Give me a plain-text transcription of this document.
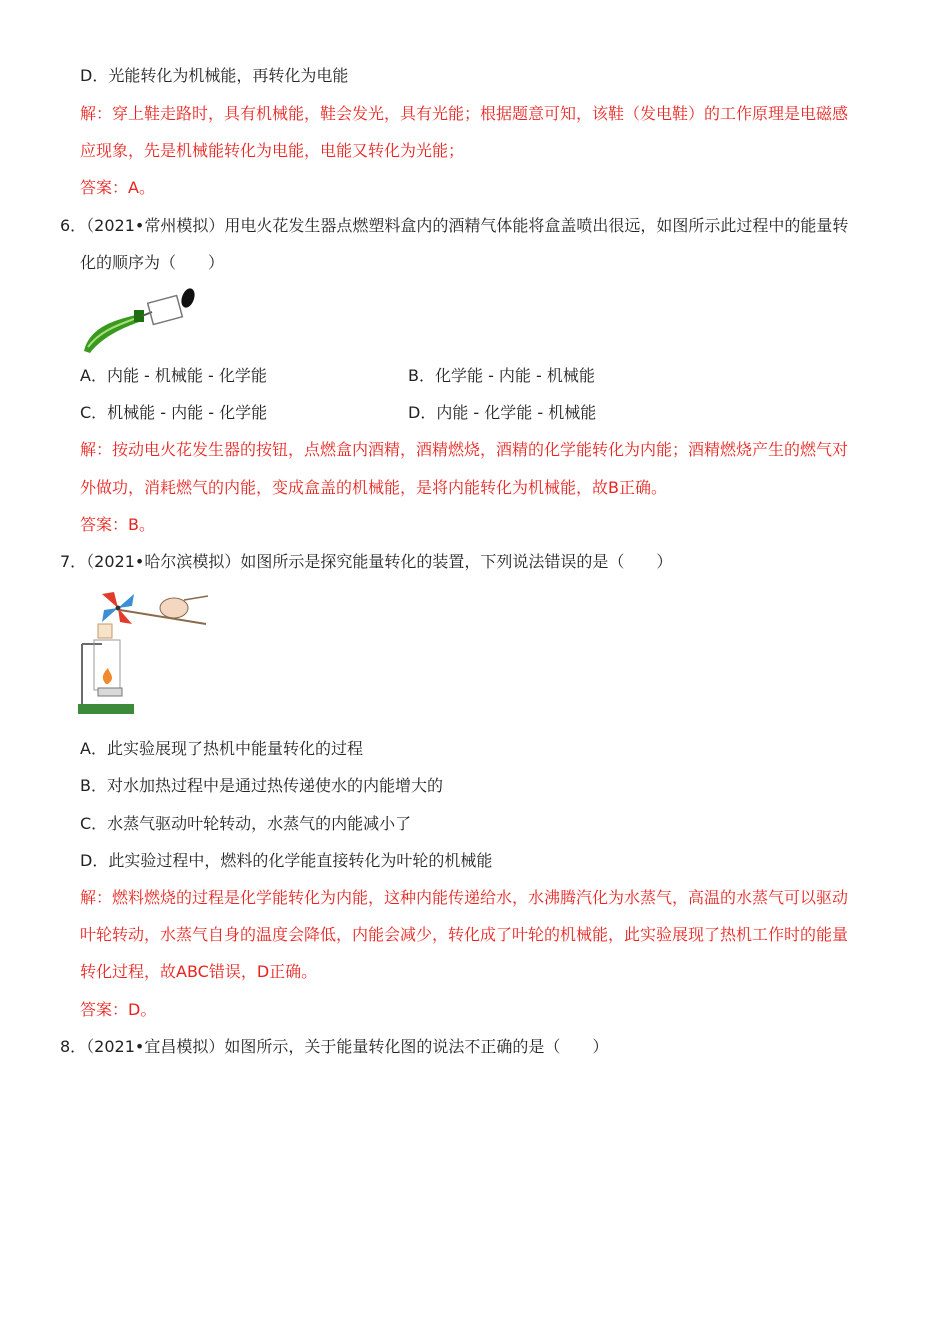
D．光能转化为机械能，再转化为电能
解：穿上鞋走路时，具有机械能，鞋会发光，具有光能；根据题意可知，该鞋（发电鞋）的工作原理是电磁感
应现象，先是机械能转化为电能，电能又转化为光能；
答案：A。
6．（2021•常州模拟）用电火花发生器点燃塑料盒内的酒精气体能将盒盖喷出很远，如图所示此过程中的能量转
化的顺序为（　　）
A．内能 - 机械能 - 化学能	B．化学能 - 内能 - 机械能
C．机械能 - 内能 - 化学能	D．内能 - 化学能 - 机械能
解：按动电火花发生器的按钮，点燃盒内酒精，酒精燃烧，酒精的化学能转化为内能；酒精燃烧产生的燃气对
外做功，消耗燃气的内能，变成盒盖的机械能，是将内能转化为机械能，故B正确。
答案：B。
7．（2021•哈尔滨模拟）如图所示是探究能量转化的装置，下列说法错误的是（　　）
A．此实验展现了热机中能量转化的过程
B．对水加热过程中是通过热传递使水的内能增大的
C．水蒸气驱动叶轮转动，水蒸气的内能减小了
D．此实验过程中，燃料的化学能直接转化为叶轮的机械能
解：燃料燃烧的过程是化学能转化为内能，这种内能传递给水，水沸腾汽化为水蒸气，高温的水蒸气可以驱动
叶轮转动，水蒸气自身的温度会降低，内能会减少，转化成了叶轮的机械能，此实验展现了热机工作时的能量
转化过程，故ABC错误，D正确。
答案：D。
8．（2021•宜昌模拟）如图所示，关于能量转化图的说法不正确的是（　　）
